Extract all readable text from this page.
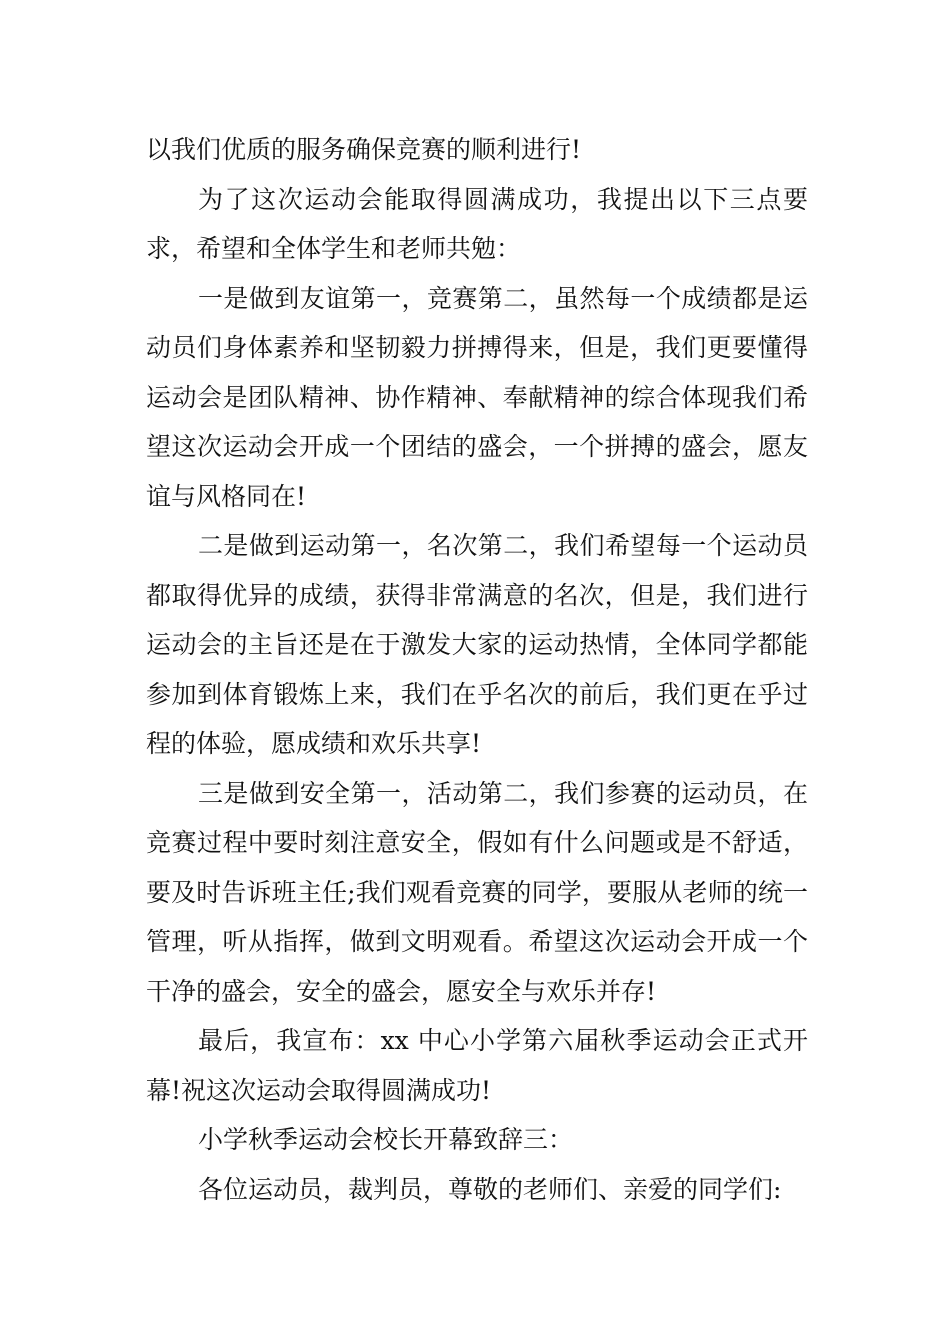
以我们优质的服务确保竞赛的顺利进行!

为了这次运动会能取得圆满成功，我提出以下三点要求，希望和全体学生和老师共勉：

一是做到友谊第一，竞赛第二，虽然每一个成绩都是运动员们身体素养和坚韧毅力拼搏得来，但是，我们更要懂得运动会是团队精神、协作精神、奉献精神的综合体现我们希望这次运动会开成一个团结的盛会，一个拼搏的盛会，愿友谊与风格同在!

二是做到运动第一，名次第二，我们希望每一个运动员都取得优异的成绩，获得非常满意的名次，但是，我们进行运动会的主旨还是在于激发大家的运动热情，全体同学都能参加到体育锻炼上来，我们在乎名次的前后，我们更在乎过程的体验，愿成绩和欢乐共享!

三是做到安全第一，活动第二，我们参赛的运动员，在竞赛过程中要时刻注意安全，假如有什么问题或是不舒适，要及时告诉班主任;我们观看竞赛的同学，要服从老师的统一管理，听从指挥，做到文明观看。希望这次运动会开成一个干净的盛会，安全的盛会，愿安全与欢乐并存!

最后，我宣布：xx 中心小学第六届秋季运动会正式开幕!祝这次运动会取得圆满成功!

小学秋季运动会校长开幕致辞三：

各位运动员，裁判员，尊敬的老师们、亲爱的同学们:
